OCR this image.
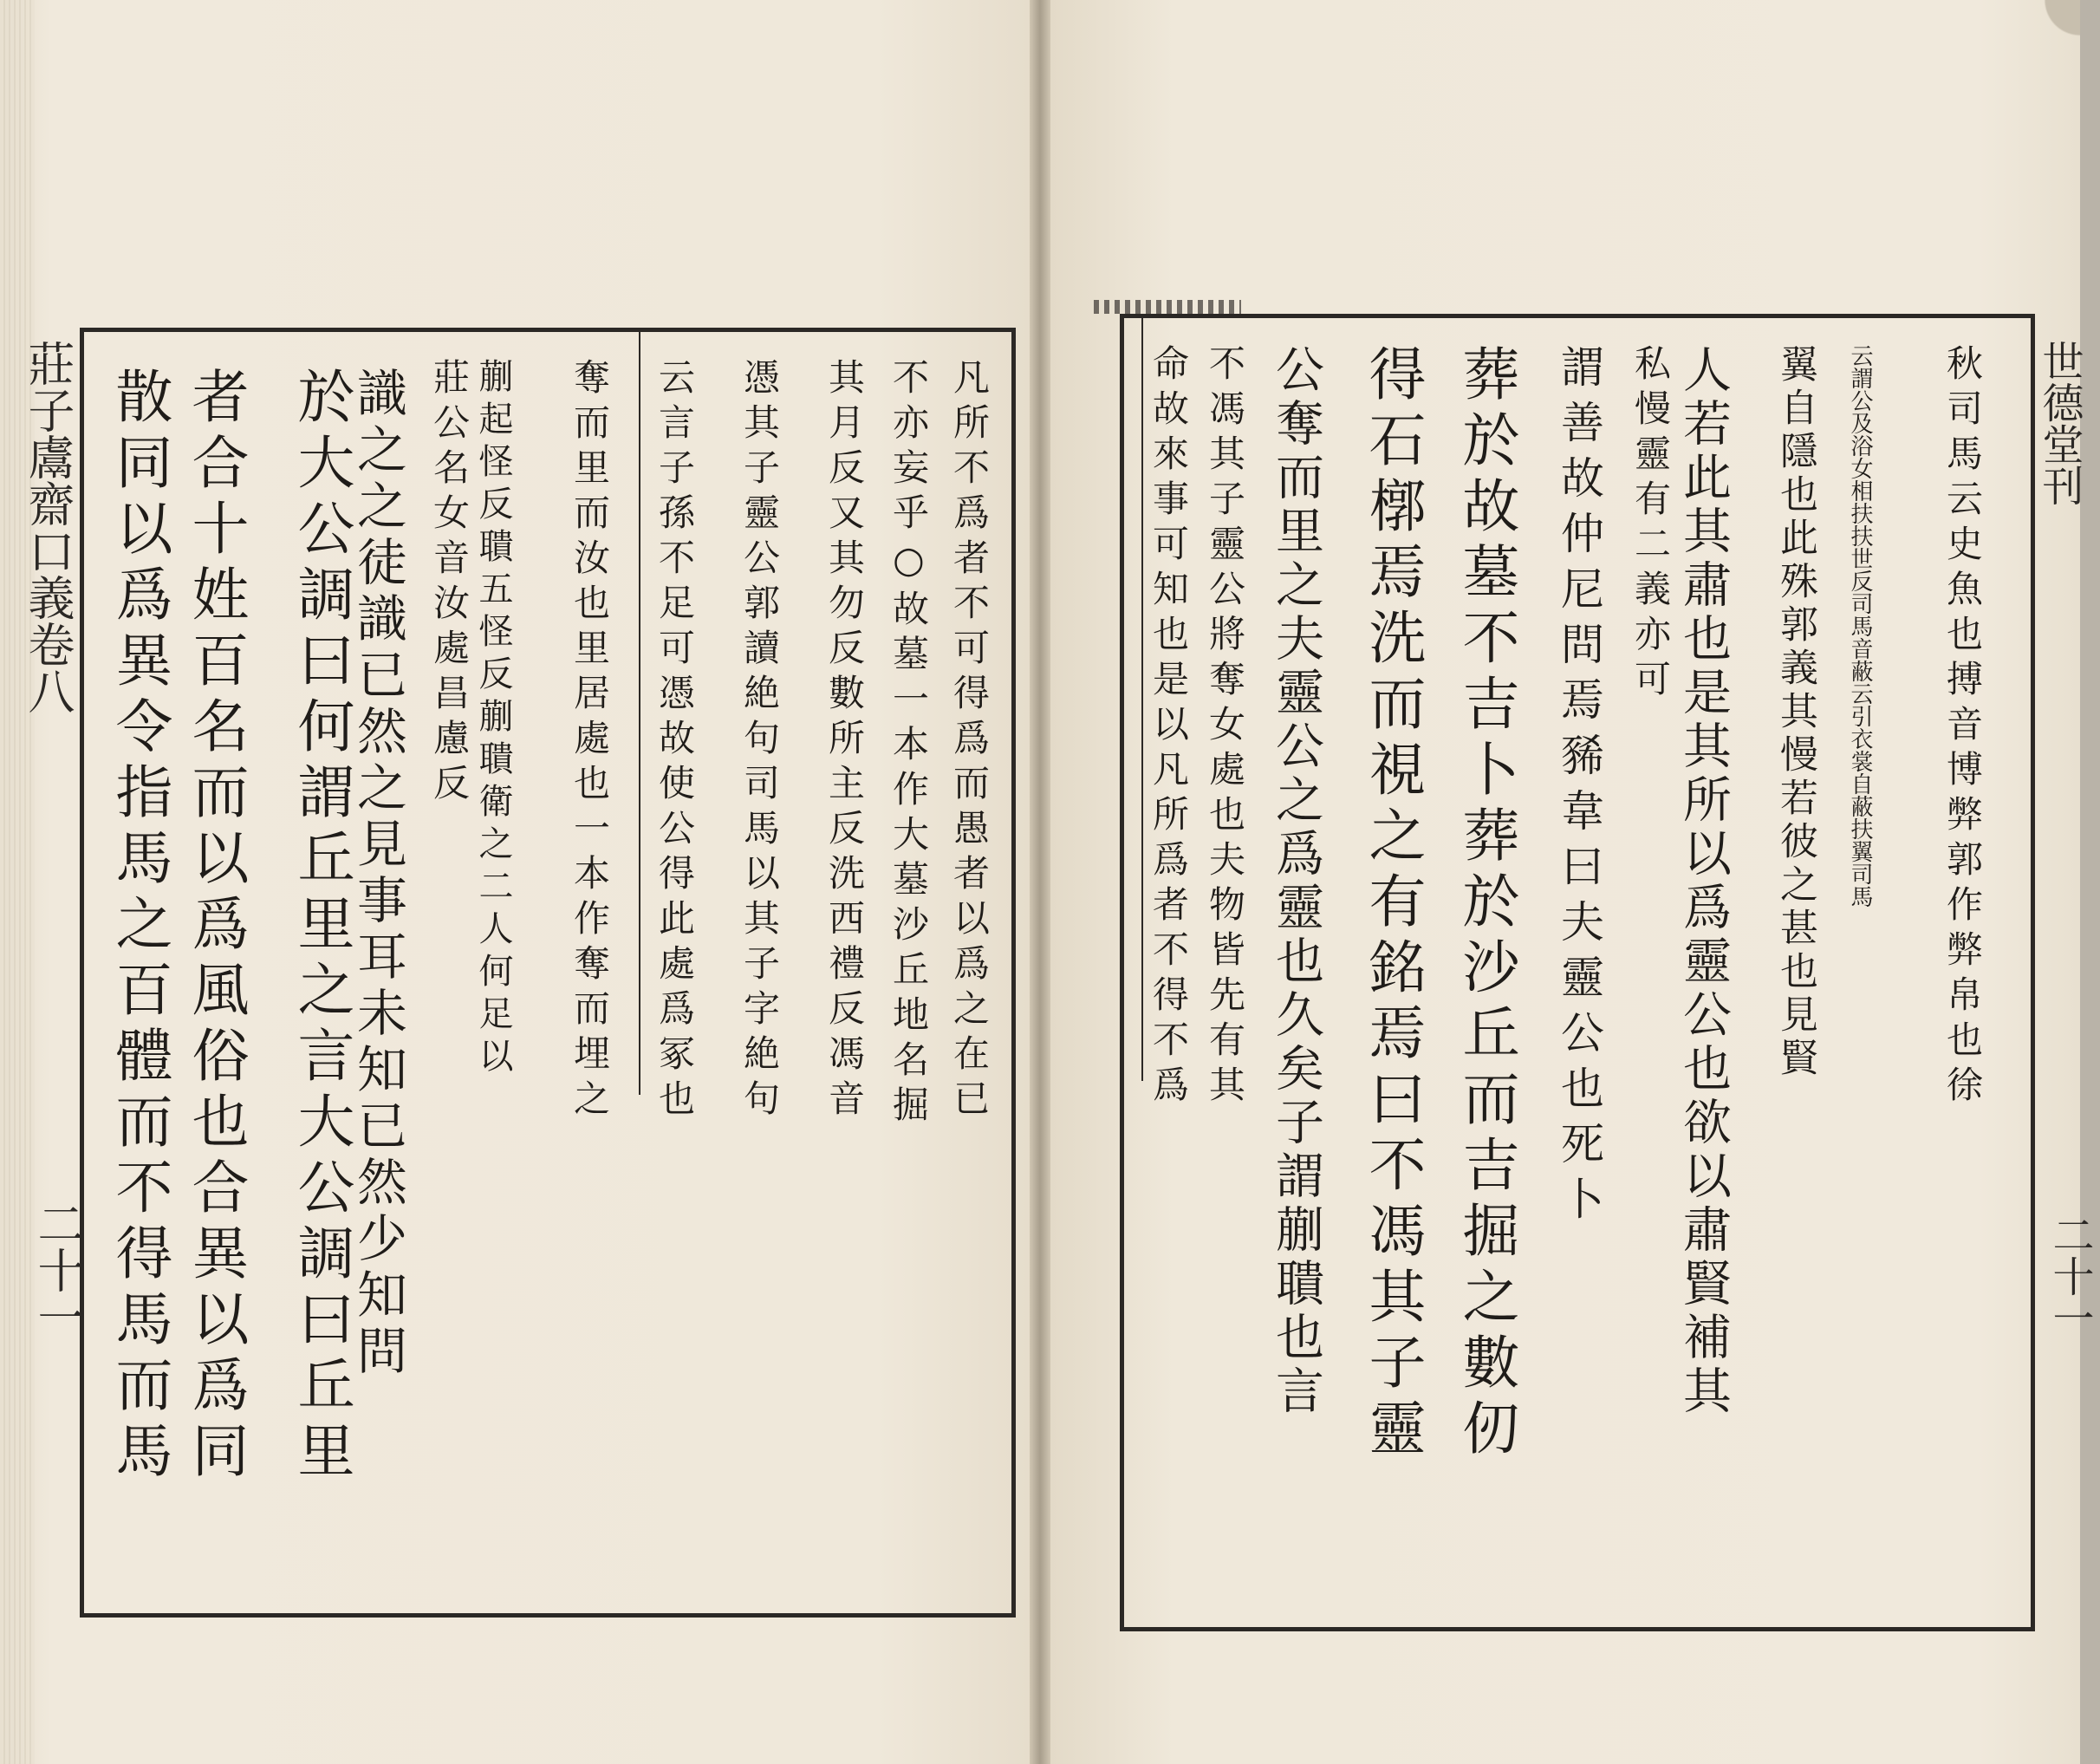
莊子鬳齋口義卷八
二十一 散同以爲異令指馬之百體而不得馬而馬 者合十姓百名而以爲風俗也合異以爲同 於大公調曰何謂丘里之言大公調曰丘里
識之之徒識已然之見事耳未知已然少知問 莊公名女音汝處昌慮反 蒯起怪反聵五怪反蒯聵衛之二人何足以 奪而里而汝也里居處也一本作奪而埋之 云言子孫不足可憑故使公得此處爲冢也 憑其子靈公郭讀絶句司馬以其子字絶句 其月反又其勿反數所主反洗西禮反馮音 不亦妄乎○故墓一本作大墓沙丘地名掘 凡所不爲者不可得爲而愚者以爲之在已	世德堂刊
二十一
命故來事可知也是以凡所爲者不得不爲 不馮其子靈公將奪女處也夫物皆先有其 公奪而里之夫靈公之爲靈也久矣子謂蒯聵也言 得石槨焉洗而視之有銘焉曰不馮其子靈 葬於故墓不吉卜葬於沙丘而吉掘之數仞 謂善故仲尼問焉豨韋曰夫靈公也死卜 私慢靈有二義亦可 人若此其肅也是其所以爲靈公也欲以肅賢補其 翼自隱也此殊郭義其慢若彼之甚也見賢 云謂公及浴女相扶扶世反司馬音蔽云引衣裳自蔽扶翼司馬 秋司馬云史魚也搏音博弊郭作弊帛也徐
